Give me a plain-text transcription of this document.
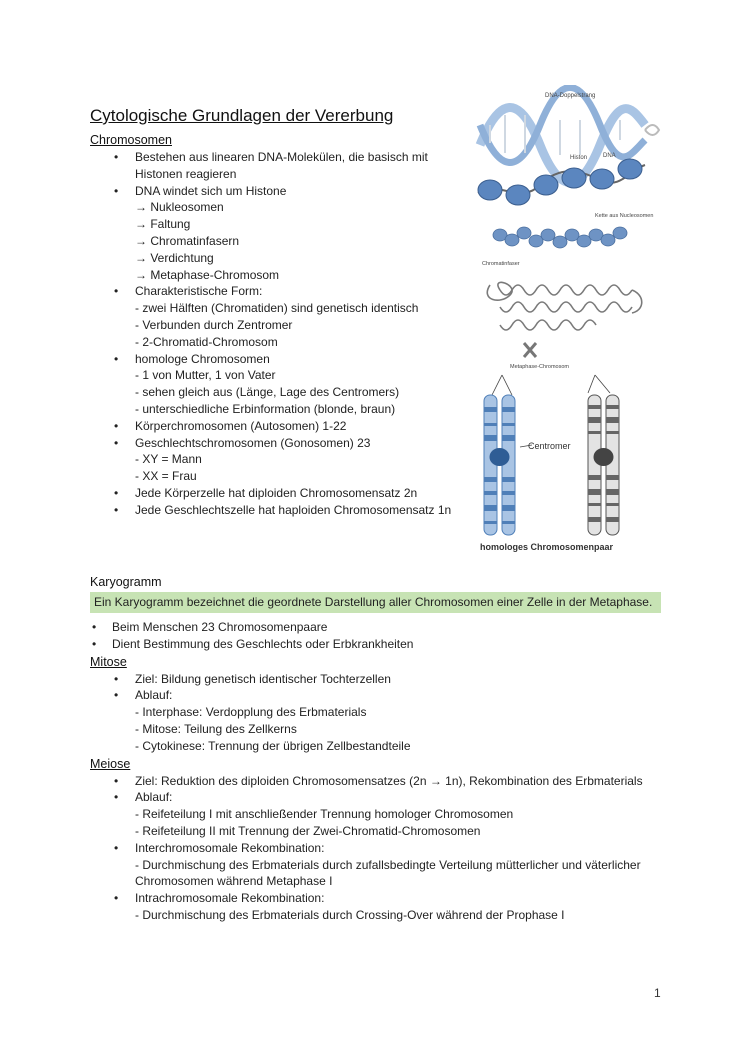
Cytologische Grundlagen der Vererbung
Chromosomen
• Bestehen aus linearen DNA-Molekülen, die basisch mit Histonen reagieren
• DNA windet sich um Histone
→ Nukleosomen
→ Faltung
→ Chromatinfasern
→ Verdichtung
→ Metaphase-Chromosom
• Charakteristische Form:
- zwei Hälften (Chromatiden) sind genetisch identisch
- Verbunden durch Zentromer
- 2-Chromatid-Chromosom
• homologe Chromosomen
- 1 von Mutter, 1 von Vater
- sehen gleich aus (Länge, Lage des Centromers)
- unterschiedliche Erbinformation (blonde, braun)
• Körperchromosomen (Autosomen) 1-22
• Geschlechtschromosomen (Gonosomen) 23
- XY = Mann
- XX = Frau
• Jede Körperzelle hat diploiden Chromosomensatz 2n
• Jede Geschlechtszelle hat haploiden Chromosomensatz 1n
DNA-Doppelstrang
Histon	DNA
Kette aus Nucleosomen
Chromatinfaser
Metaphase-Chromosom
Centromer
homologes Chromosomenpaar
Karyogramm
Ein Karyogramm bezeichnet die geordnete Darstellung aller Chromosomen einer Zelle in der Metaphase.
• Beim Menschen 23 Chromosomenpaare
• Dient Bestimmung des Geschlechts oder Erbkrankheiten
Mitose
• Ziel: Bildung genetisch identischer Tochterzellen
• Ablauf:
- Interphase: Verdopplung des Erbmaterials
- Mitose: Teilung des Zellkerns
- Cytokinese: Trennung der übrigen Zellbestandteile
Meiose
• Ziel: Reduktion des diploiden Chromosomensatzes (2n → 1n), Rekombination des Erbmaterials
• Ablauf:
- Reifeteilung I mit anschließender Trennung homologer Chromosomen
- Reifeteilung II mit Trennung der Zwei-Chromatid-Chromosomen
• Interchromosomale Rekombination:
- Durchmischung des Erbmaterials durch zufallsbedingte Verteilung mütterlicher und väterlicher Chromosomen während Metaphase I
• Intrachromosomale Rekombination:
- Durchmischung des Erbmaterials durch Crossing-Over während der Prophase I
1
